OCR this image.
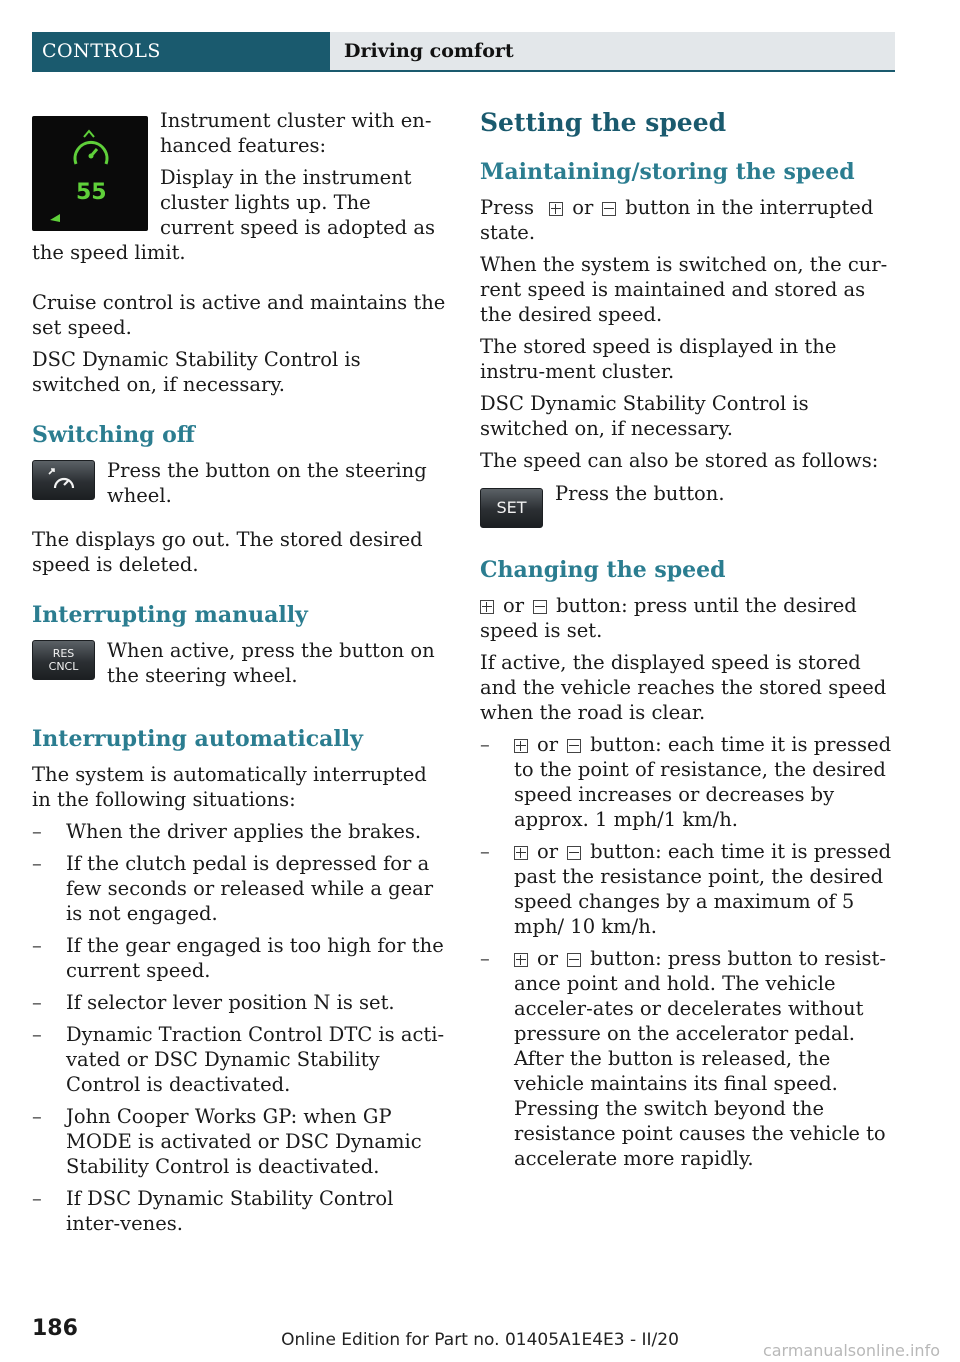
CONTROLS	Driving comfort
55

Instrument cluster with en-hanced features:

Display in the instrument cluster lights up. The current speed is adopted as the speed limit.

Cruise control is active and maintains the set speed.

DSC Dynamic Stability Control is switched on, if necessary.

Switching off

Press the button on the steering wheel.

The displays go out. The stored desired speed is deleted.

Interrupting manually
RES
CNCL

When active, press the button on the steering wheel.

Interrupting automatically

The system is automatically interrupted in the following situations:

– When the driver applies the brakes.
– If the clutch pedal is depressed for a few seconds or released while a gear is not engaged.
– If the gear engaged is too high for the current speed.
– If selector lever position N is set.
– Dynamic Traction Control DTC is acti-vated or DSC Dynamic Stability Control is deactivated.
– John Cooper Works GP: when GP MODE is activated or DSC Dynamic Stability Control is deactivated.
– If DSC Dynamic Stability Control inter-venes.
Setting the speed
Maintaining/storing the speed

Press or button in the interrupted state.

When the system is switched on, the cur-rent speed is maintained and stored as the desired speed.

The stored speed is displayed in the instru-ment cluster.

DSC Dynamic Stability Control is switched on, if necessary.

The speed can also be stored as follows:

SET

Press the button.

Changing the speed

or button: press until the desired speed is set.

If active, the displayed speed is stored and the vehicle reaches the stored speed when the road is clear.

– or button: each time it is pressed to the point of resistance, the desired speed increases or decreases by approx. 1 mph/1 km/h.
– or button: each time it is pressed past the resistance point, the desired speed changes by a maximum of 5 mph/ 10 km/h.
– or button: press button to resist-ance point and hold. The vehicle acceler-ates or decelerates without pressure on the accelerator pedal. After the button is released, the vehicle maintains its final speed. Pressing the switch beyond the resistance point causes the vehicle to accelerate more rapidly.
186	Online Edition for Part no. 01405A1E4E3 - II/20
carmanualsonline.info
